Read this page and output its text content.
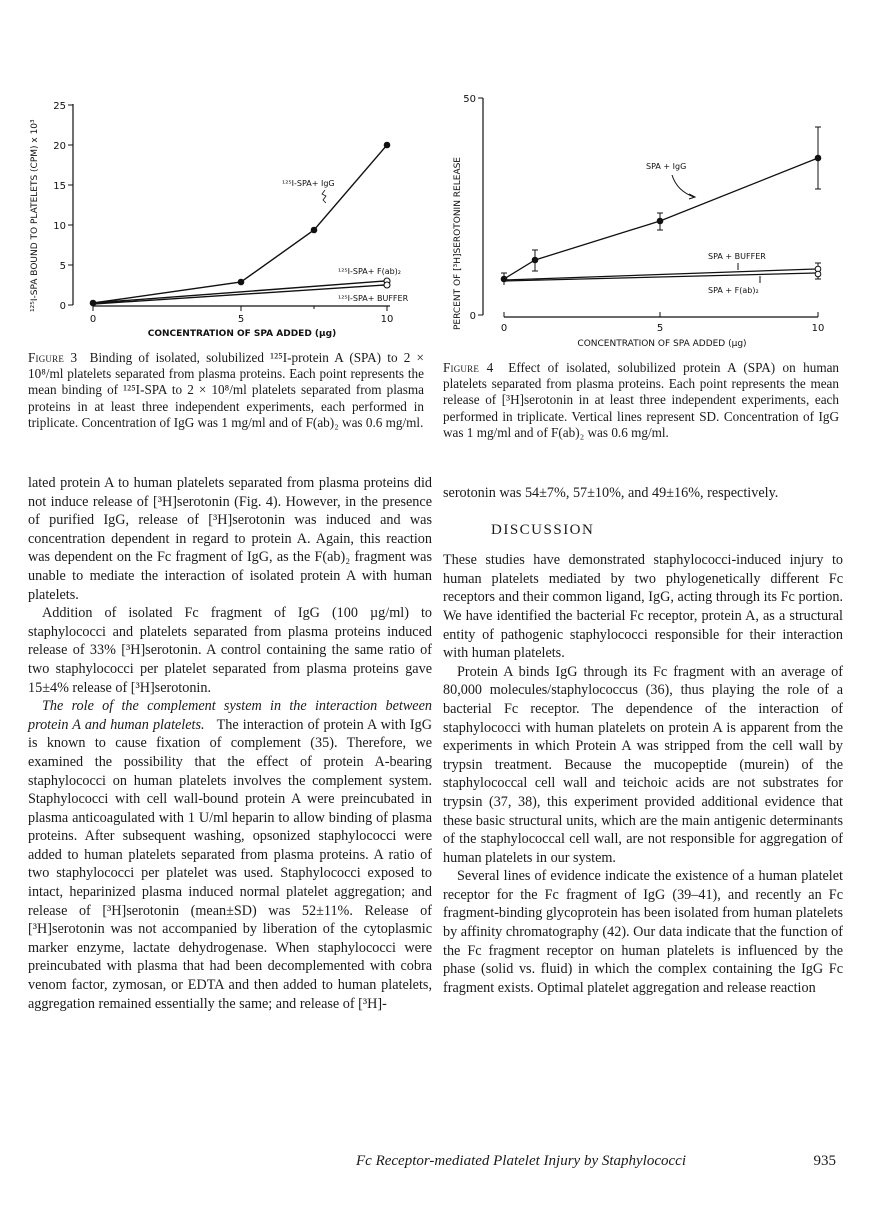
¹²⁵I-SPA BOUND TO PLATELETS (CPM) x 10³ 0
5
10
15
20
25
0	5	10
CONCENTRATION OF SPA ADDED (µg)
¹²⁵I-SPA+ IgG
¹²⁵I-SPA+ F(ab)₂
¹²⁵I-SPA+ BUFFER	PERCENT OF [³H]SEROTONIN RELEASE
50
0
0	5	10
CONCENTRATION OF SPA ADDED (µg)
SPA + IgG
SPA + BUFFER
SPA + F(ab)₂
Figure 3 Binding of isolated, solubilized ¹²⁵I-protein A (SPA) to 2 × 10⁸/ml platelets separated from plasma proteins. Each point represents the mean binding of ¹²⁵I-SPA to 2 × 10⁸/ml platelets separated from plasma proteins in at least three independent experiments, each performed in triplicate. Concentration of IgG was 1 mg/ml and of F(ab)₂ was 0.6 mg/ml.
Figure 4 Effect of isolated, solubilized protein A (SPA) on human platelets separated from plasma proteins. Each point represents the mean release of [³H]serotonin in at least three independent experiments, each performed in triplicate. Vertical lines represent SD. Concentration of IgG was 1 mg/ml and of F(ab)₂ was 0.6 mg/ml.

lated protein A to human platelets separated from plasma proteins did not induce release of [³H]serotonin (Fig. 4). However, in the presence of purified IgG, release of [³H]serotonin was induced and was concentration dependent in regard to protein A. Again, this reaction was dependent on the Fc fragment of IgG, as the F(ab)₂ fragment was unable to mediate the interaction of isolated protein A with human platelets.

Addition of isolated Fc fragment of IgG (100 µg/ml) to staphylococci and platelets separated from plasma proteins induced release of 33% [³H]serotonin. A control containing the same ratio of two staphylococci per platelet separated from plasma proteins gave 15±4% release of [³H]serotonin.

The role of the complement system in the interaction between protein A and human platelets. The interaction of protein A with IgG is known to cause fixation of complement (35). Therefore, we examined the possibility that the effect of protein A-bearing staphylococci on human platelets involves the complement system. Staphylococci with cell wall-bound protein A were preincubated in plasma anticoagulated with 1 U/ml heparin to allow binding of plasma proteins. After subsequent washing, opsonized staphylococci were added to human platelets separated from plasma proteins. A ratio of two staphylococci per platelet was used. Staphylococci exposed to intact, heparinized plasma induced normal platelet aggregation; and release of [³H]serotonin (mean±SD) was 52±11%. Release of [³H]serotonin was not accompanied by liberation of the cytoplasmic marker enzyme, lactate dehydrogenase. When staphylococci were preincubated with plasma that had been decomplemented with cobra venom factor, zymosan, or EDTA and then added to human platelets, aggregation remained essentially the same; and release of [³H]-

serotonin was 54±7%, 57±10%, and 49±16%, respectively.

DISCUSSION

These studies have demonstrated staphylococci-induced injury to human platelets mediated by two phylogenetically different Fc receptors and their common ligand, IgG, acting through its Fc portion. We have identified the bacterial Fc receptor, protein A, as a structural entity of pathogenic staphylococci responsible for their interaction with human platelets.

Protein A binds IgG through its Fc fragment with an average of 80,000 molecules/staphylococcus (36), thus playing the role of a bacterial Fc receptor. The dependence of the interaction of staphylococci with human platelets on protein A is apparent from the experiments in which Protein A was stripped from the cell wall by trypsin treatment. Because the mucopeptide (murein) of the staphylococcal cell wall and teichoic acids are not substrates for trypsin (37, 38), this experiment provided additional evidence that these basic structural units, which are the main antigenic determinants of the staphylococcal cell wall, are not responsible for aggregation of human platelets in our system.

Several lines of evidence indicate the existence of a human platelet receptor for the Fc fragment of IgG (39–41), and recently an Fc fragment-binding glycoprotein has been isolated from human platelets by affinity chromatography (42). Our data indicate that the function of the Fc fragment receptor on human platelets is influenced by the phase (solid vs. fluid) in which the complex containing the IgG Fc fragment exists. Optimal platelet aggregation and release reaction

Fc Receptor-mediated Platelet Injury by Staphylococci	935
